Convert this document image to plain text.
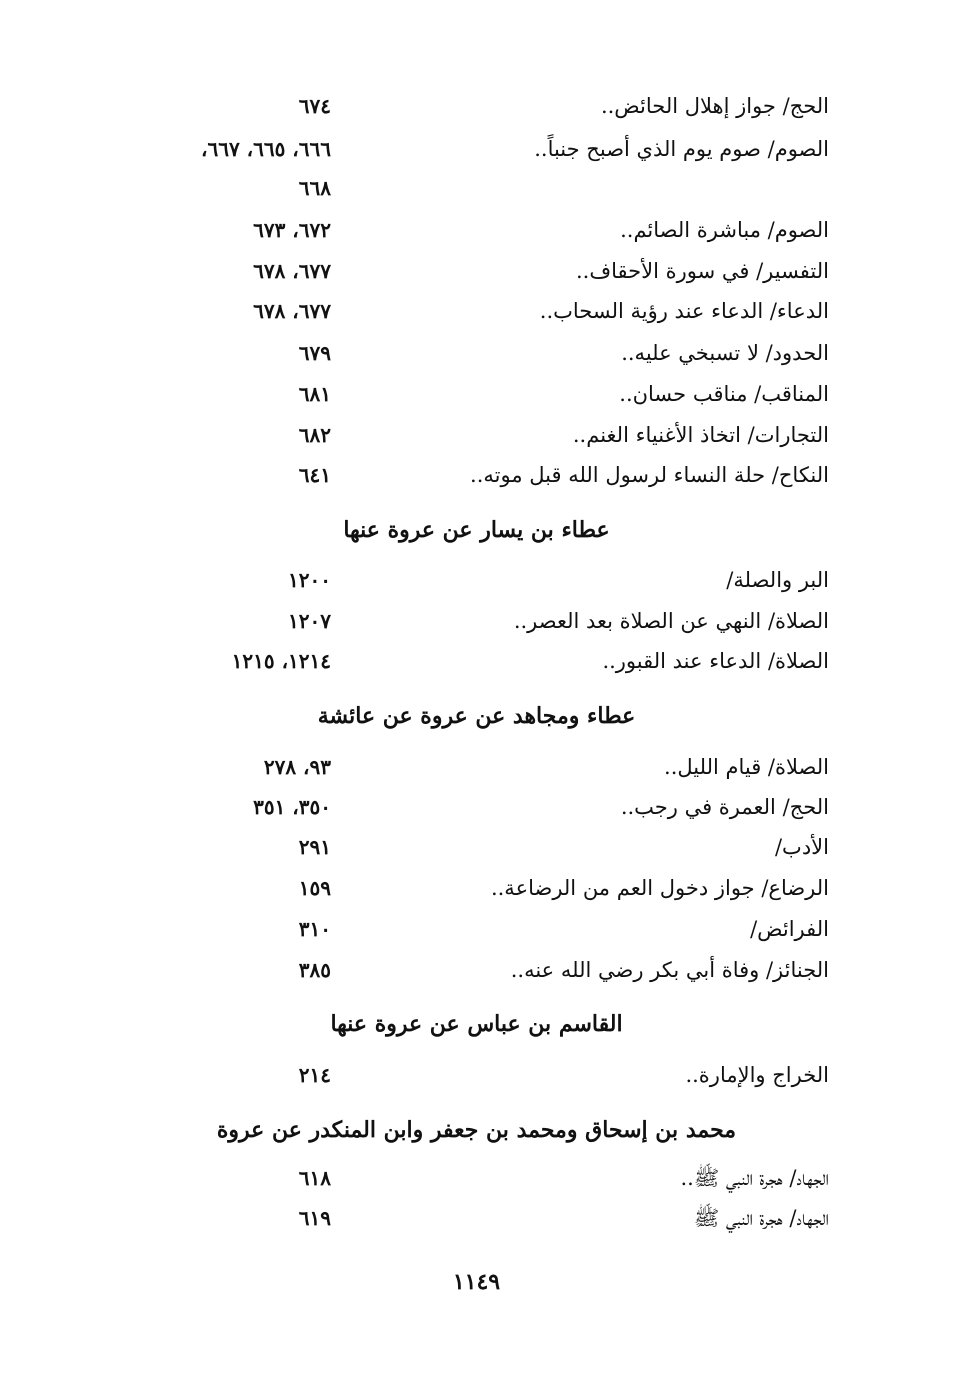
الحج/ جواز إهلال الحائض..
٦٧٤
الصوم/ صوم يوم الذي أصبح جنباً..
٦٦٦، ٦٦٥، ٦٦٧،
٦٦٨
الصوم/ مباشرة الصائم..
٦٧٢، ٦٧٣
التفسير/ في سورة الأحقاف..
٦٧٧، ٦٧٨
الدعاء/ الدعاء عند رؤية السحاب..
٦٧٧، ٦٧٨
الحدود/ لا تسبخي عليه..
٦٧٩
المناقب/ مناقب حسان..
٦٨١
التجارات/ اتخاذ الأغنياء الغنم..
٦٨٢
النكاح/ حلة النساء لرسول الله قبل موته..
٦٤١
عطاء بن يسار عن عروة عنها
البر والصلة/
١٢٠٠
الصلاة/ النهي عن الصلاة بعد العصر..
١٢٠٧
الصلاة/ الدعاء عند القبور..
١٢١٤، ١٢١٥
عطاء ومجاهد عن عروة عن عائشة
الصلاة/ قيام الليل..
٩٣، ٢٧٨
الحج/ العمرة في رجب..
٣٥٠، ٣٥١
الأدب/
٢٩١
الرضاع/ جواز دخول العم من الرضاعة..
١٥٩
الفرائض/
٣١٠
الجنائز/ وفاة أبي بكر رضي الله عنه..
٣٨٥
القاسم بن عباس عن عروة عنها
الخراج والإمارة..
٢١٤
محمد بن إسحاق ومحمد بن جعفر وابن المنكدر عن عروة
الجهاد/ هجرة النبي ﷺ..
٦١٨
الجهاد/ هجرة النبي ﷺ
٦١٩
١١٤٩
